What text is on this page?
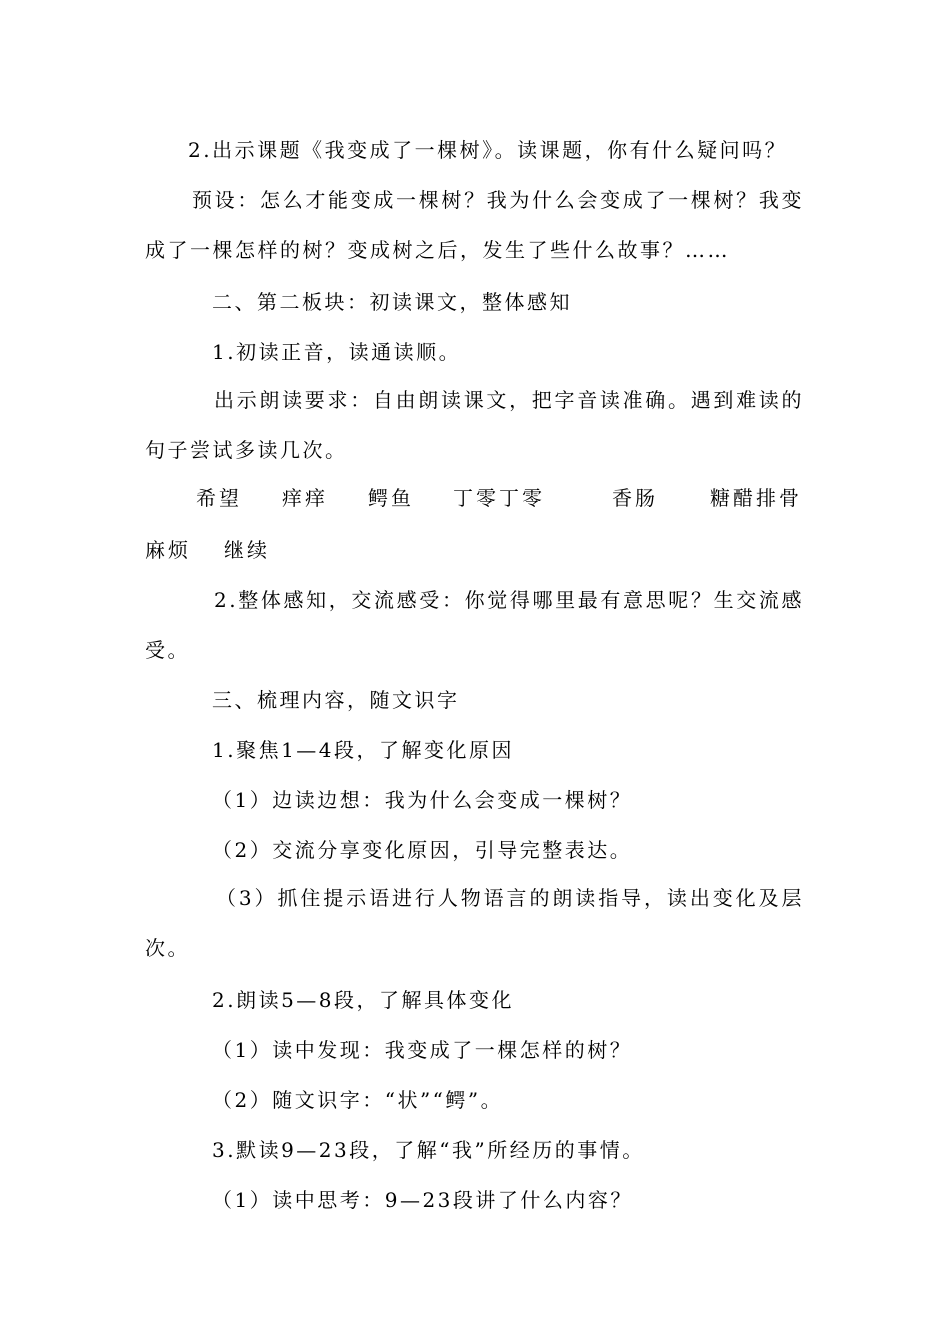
2.出示课题《我变成了一棵树》。读课题，你有什么疑问吗？
预设：怎么才能变成一棵树？我为什么会变成了一棵树？我变
成了一棵怎样的树？变成树之后，发生了些什么故事？……
二、第二板块：初读课文，整体感知
1.初读正音，读通读顺。
出示朗读要求：自由朗读课文，把字音读准确。遇到难读的
句子尝试多读几次。
希望 痒痒 鳄鱼 丁零丁零	香肠	糖醋排骨
麻烦 继续
2.整体感知，交流感受：你觉得哪里最有意思呢？生交流感
受。
三、梳理内容，随文识字
1.聚焦1—4段，了解变化原因
（1）边读边想：我为什么会变成一棵树？
（2）交流分享变化原因，引导完整表达。
（3）抓住提示语进行人物语言的朗读指导，读出变化及层
次。
2.朗读5—8段，了解具体变化
（1）读中发现：我变成了一棵怎样的树？
（2）随文识字：“状”“鳄”。
3.默读9—23段，了解“我”所经历的事情。
（1）读中思考：9—23段讲了什么内容？
